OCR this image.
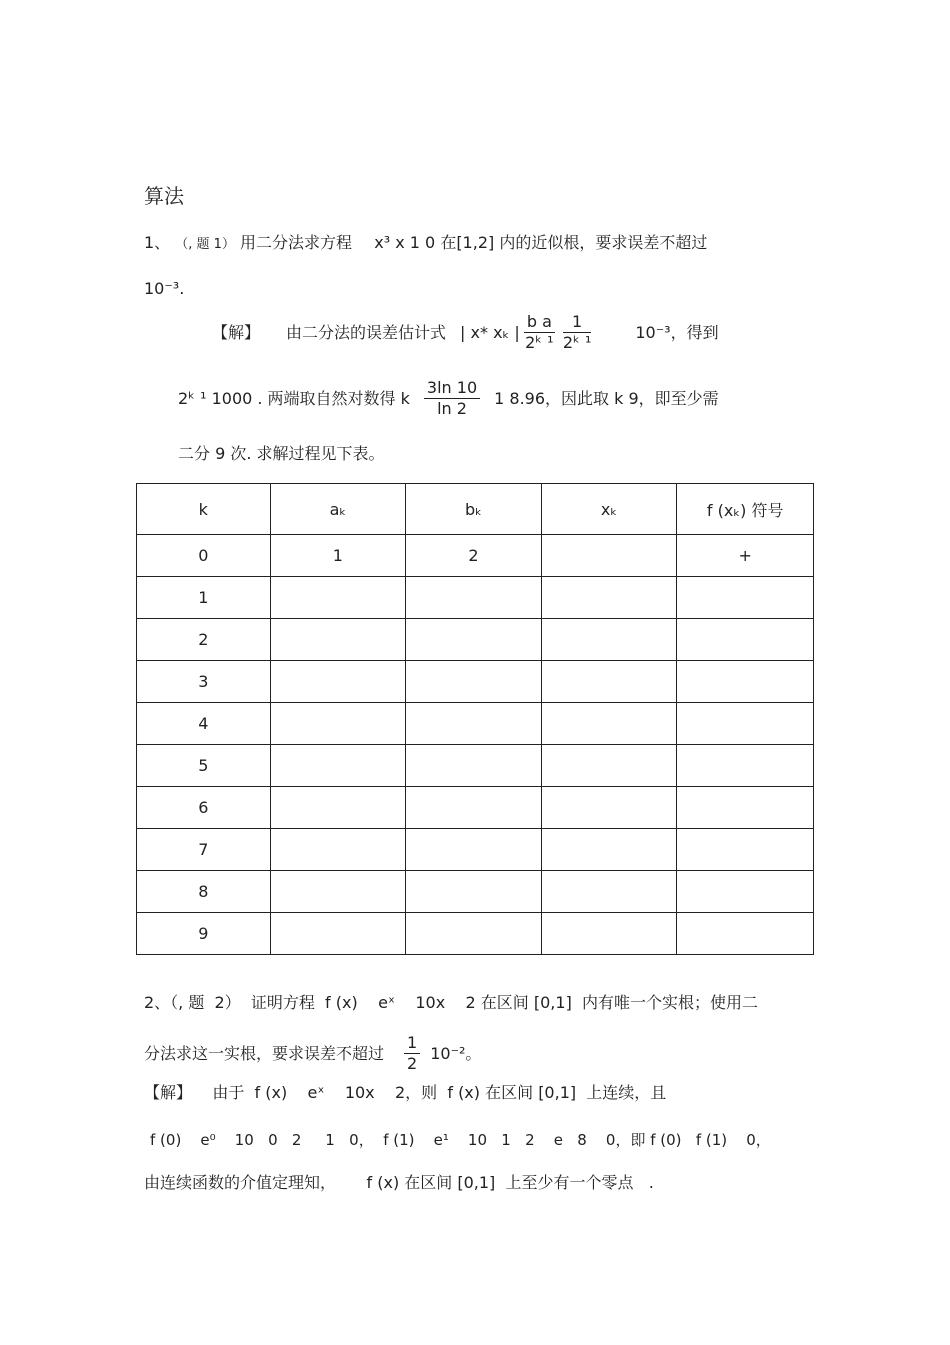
算法
1、 （, 题 1） 用二分法求方程 x³ x 1 0 在[1,2] 内的近似根，要求误差不超过
10⁻³.
【解】 由二分法的误差估计式 | x* xₖ | $\frac{\text{b a}}{\text{2ᵏ ¹}} \frac{1}{\text{2ᵏ ¹}}$	10⁻³，得到
2ᵏ ¹ 1000 . 两端取自然对数得 k $\frac{3\ln 10}{\ln 2} 1$ 8.96，因此取 k 9，即至少需
二分 9 次. 求解过程见下表。
k	aₖ	bₖ	xₖ	f (xₖ) 符号
0	1	2		+
1				
2				
3				
4				
5				
6				
7				
8				
9				
2、（, 题  2）  证明方程  f (x)    eˣ    10x    2 在区间 [0,1]  内有唯一个实根；使用二
分法求这一实根，要求误差不超过 $\frac{1}{2} 10^{-2}$。
【解】    由于  f (x)    eˣ    10x    2，则  f (x) 在区间 [0,1]  上连续，且
f (0)    e⁰    10   0   2     1   0，  f (1)    e¹    10   1   2    e   8    0，即 f (0)   f (1)    0，
由连续函数的介值定理知，      f (x) 在区间 [0,1]  上至少有一个零点   .
